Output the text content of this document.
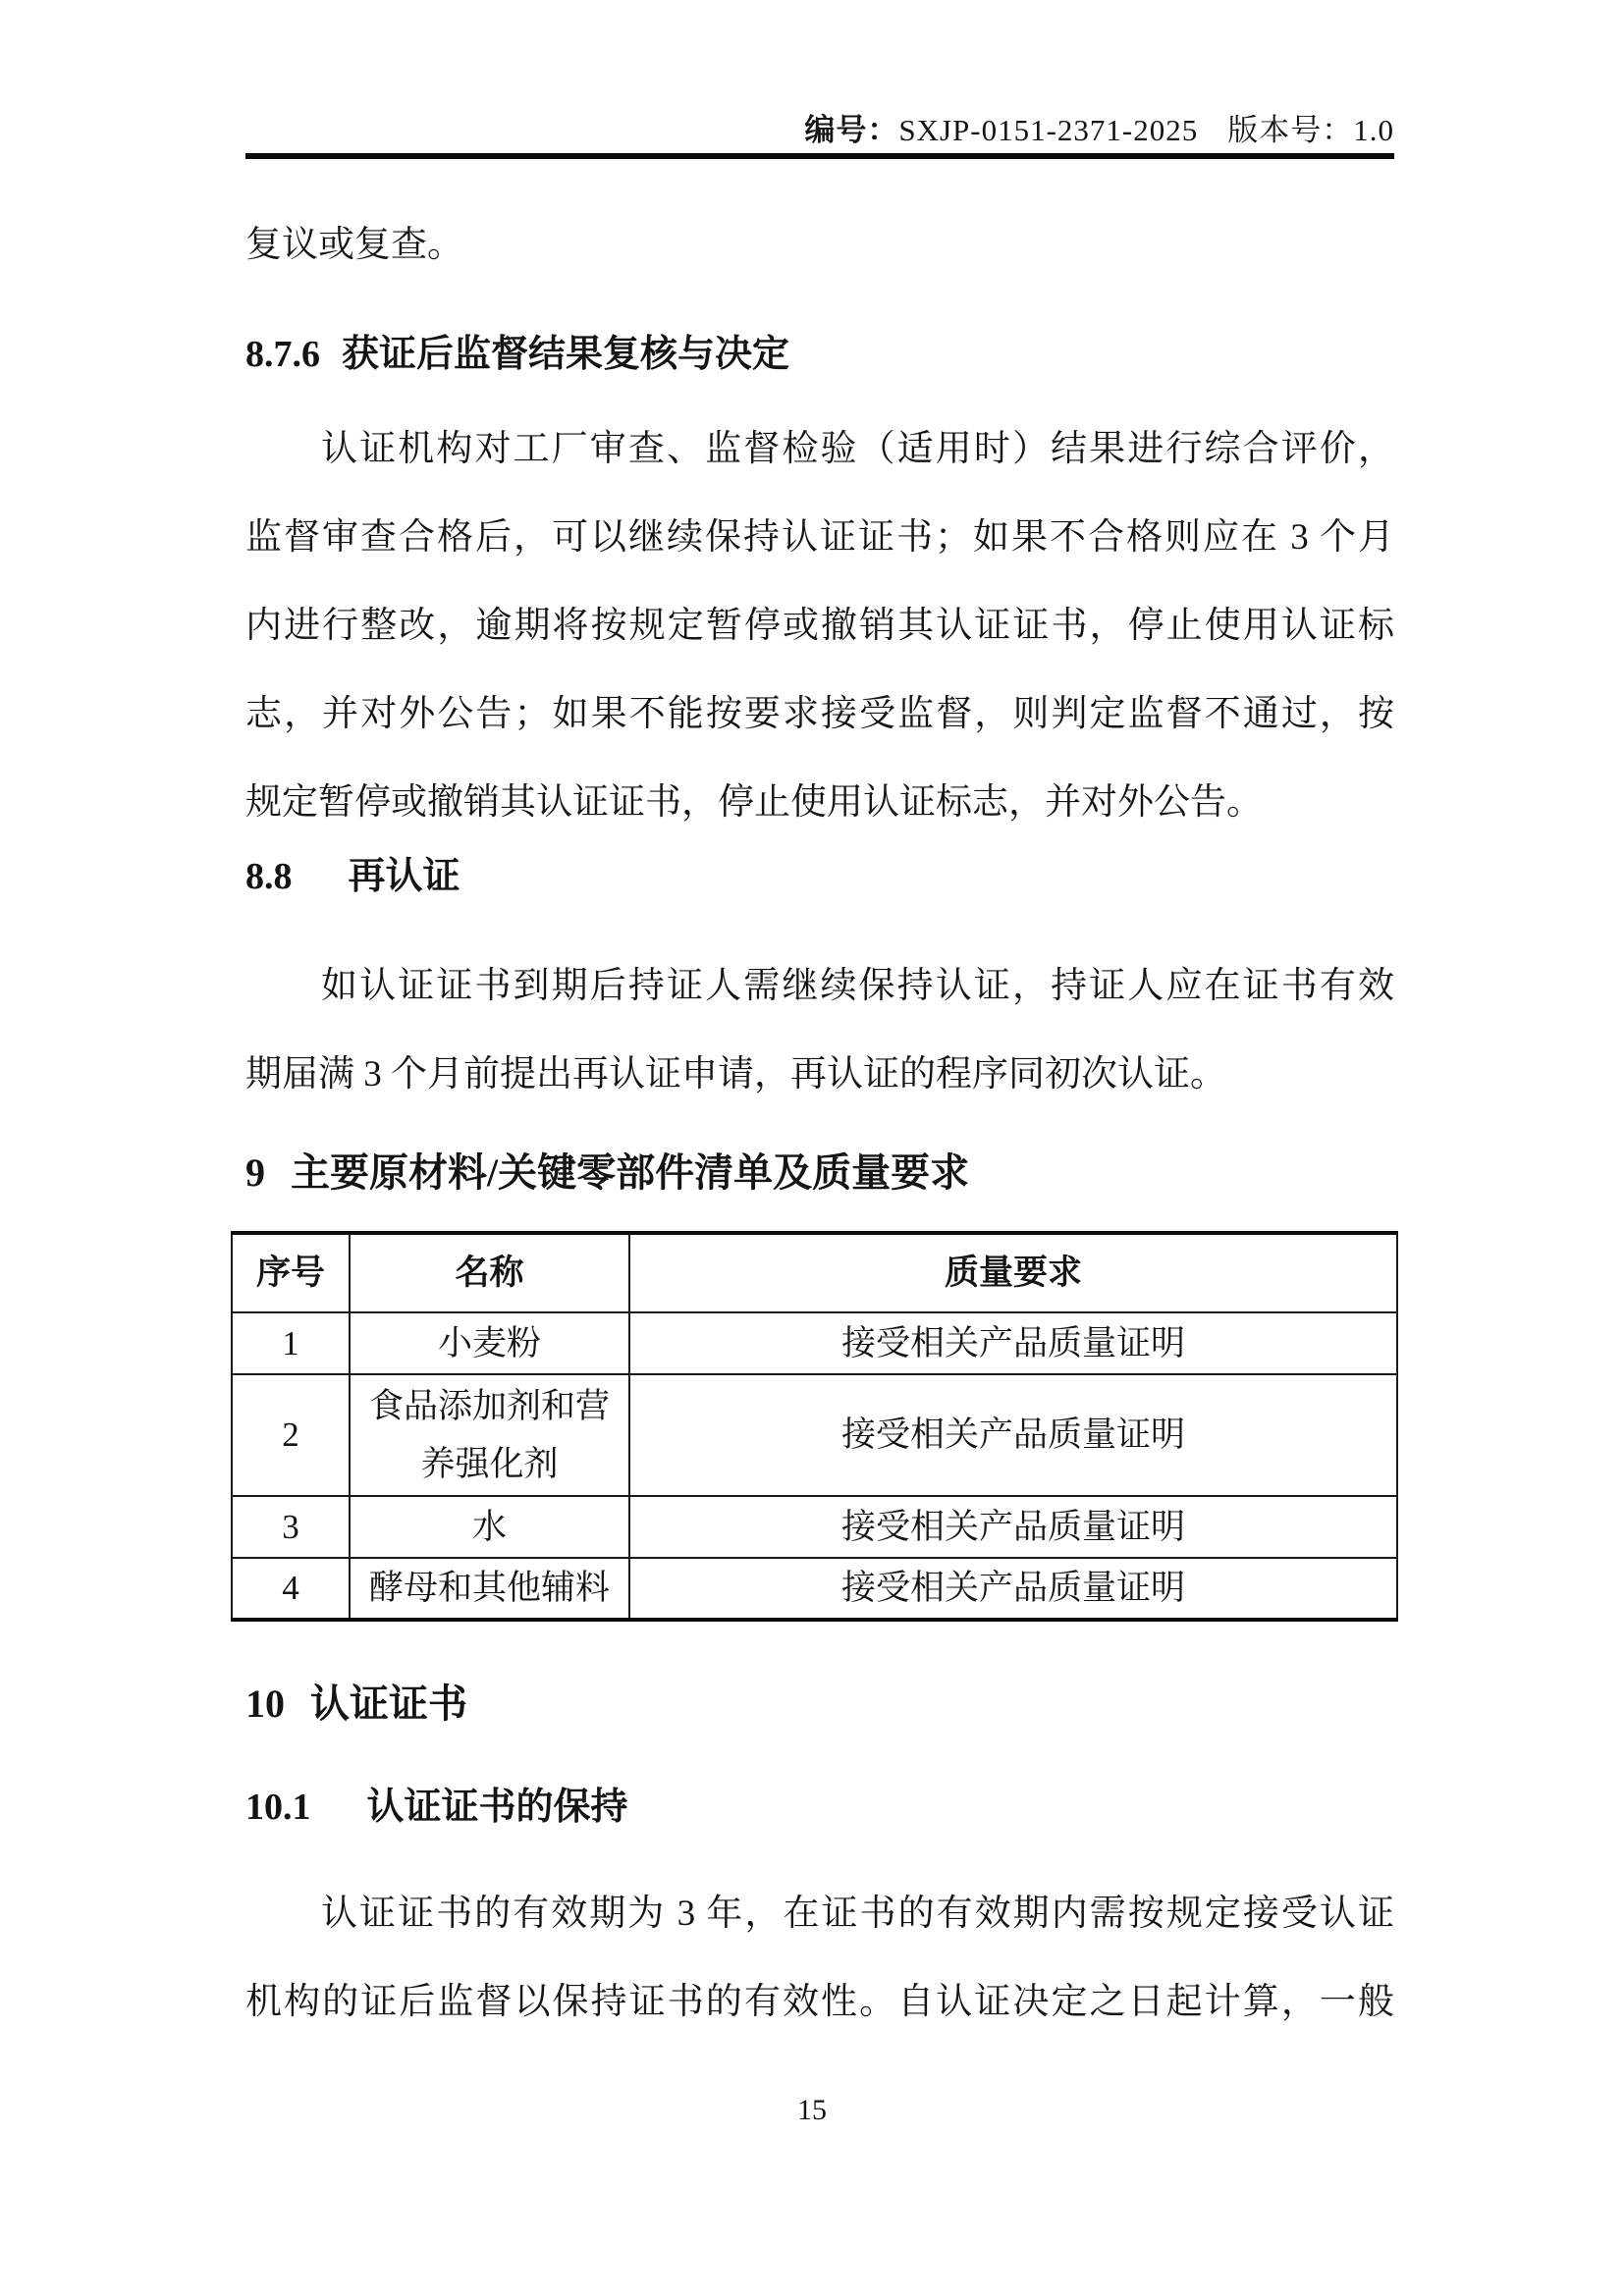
编号：SXJP-0151-2371-2025 版本号：1.0
复议或复查。
8.7.6 获证后监督结果复核与决定
认证机构对工厂审查、监督检验（适用时）结果进行综合评价，
监督审查合格后，可以继续保持认证证书；如果不合格则应在 3 个月
内进行整改，逾期将按规定暂停或撤销其认证证书，停止使用认证标
志，并对外公告；如果不能按要求接受监督，则判定监督不通过，按
规定暂停或撤销其认证证书，停止使用认证标志，并对外公告。
8.8 再认证
如认证证书到期后持证人需继续保持认证，持证人应在证书有效
期届满 3 个月前提出再认证申请，再认证的程序同初次认证。
9 主要原材料/关键零部件清单及质量要求
序号	名称	质量要求
1	小麦粉	接受相关产品质量证明
2	食品添加剂和营养强化剂	接受相关产品质量证明
3	水	接受相关产品质量证明
4	酵母和其他辅料	接受相关产品质量证明
10 认证证书
10.1 认证证书的保持
认证证书的有效期为 3 年，在证书的有效期内需按规定接受认证
机构的证后监督以保持证书的有效性。自认证决定之日起计算，一般
15
